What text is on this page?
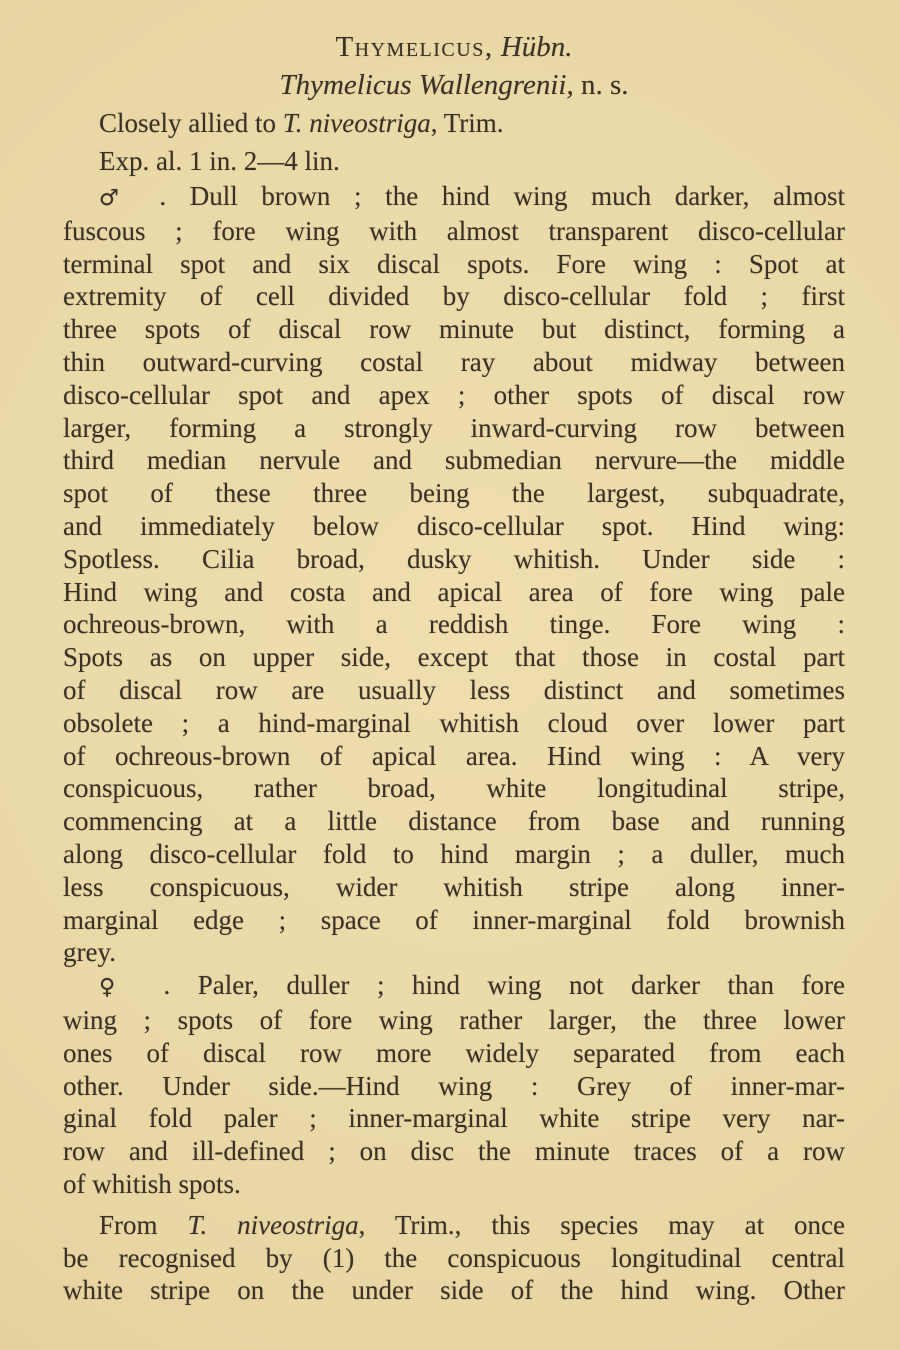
Thymelicus, Hübn.
Thymelicus Wallengrenii, n. s.
Closely allied to T. niveostriga, Trim.
Exp. al. 1 in. 2—4 lin.
♂ . Dull brown ; the hind wing much darker, almost
fuscous ; fore wing with almost transparent disco-cellular
terminal spot and six discal spots. Fore wing : Spot at
extremity of cell divided by disco-cellular fold ; first
three spots of discal row minute but distinct, forming a
thin outward-curving costal ray about midway between
disco-cellular spot and apex ; other spots of discal row
larger, forming a strongly inward-curving row between
third median nervule and submedian nervure—the middle
spot of these three being the largest, subquadrate,
and immediately below disco-cellular spot. Hind wing:
Spotless. Cilia broad, dusky whitish. Under side :
Hind wing and costa and apical area of fore wing pale
ochreous-brown, with a reddish tinge. Fore wing :
Spots as on upper side, except that those in costal part
of discal row are usually less distinct and sometimes
obsolete ; a hind-marginal whitish cloud over lower part
of ochreous-brown of apical area. Hind wing : A very
conspicuous, rather broad, white longitudinal stripe,
commencing at a little distance from base and running
along disco-cellular fold to hind margin ; a duller, much
less conspicuous, wider whitish stripe along inner-
marginal edge ; space of inner-marginal fold brownish
grey.
♀ . Paler, duller ; hind wing not darker than fore
wing ; spots of fore wing rather larger, the three lower
ones of discal row more widely separated from each
other. Under side.—Hind wing : Grey of inner-mar-
ginal fold paler ; inner-marginal white stripe very nar-
row and ill-defined ; on disc the minute traces of a row
of whitish spots.
From T. niveostriga, Trim., this species may at once
be recognised by (1) the conspicuous longitudinal central
white stripe on the under side of the hind wing. Other
